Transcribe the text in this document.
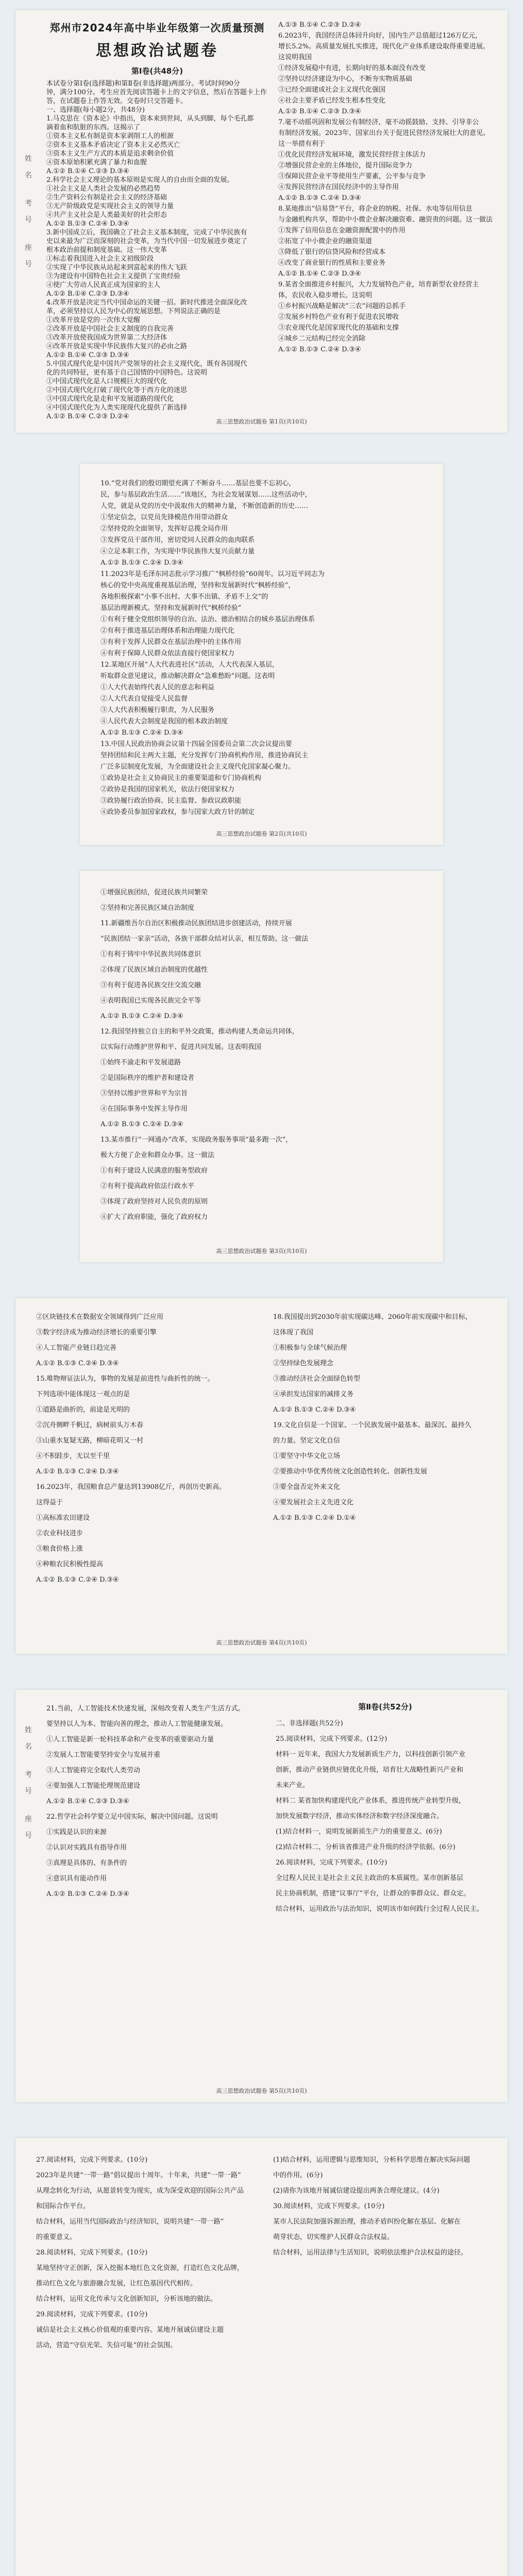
姓名 考号 座号
郑州市2024年高中毕业年级第一次质量预测
思想政治试题卷
第Ⅰ卷(共48分)

本试卷分第Ⅰ卷(选择题)和第Ⅱ卷(非选择题)两部分。考试时间90分

钟，满分100分。考生应首先阅读答题卡上的文字信息，然后在答题卡上作

答，在试题卷上作答无效。交卷时只交答题卡。

一、选择题(每小题2分，共48分)

1.马克思在《资本论》中指出，资本来到世间，从头到脚，每个毛孔都

滴着血和肮脏的东西。这揭示了

①资本主义私有制是资本家剥削工人的根源

②资本主义基本矛盾决定了资本主义必然灭亡

③资本主义生产方式的本质是追求剩余价值

④资本原始积累充满了暴力和血腥

A.①② B.①④ C.②③ D.③④

2.科学社会主义理论的基本原则是实现人的自由而全面的发展。

①社会主义是人类社会发展的必然趋势

②生产资料公有制是社会主义的经济基础

③无产阶级政党是实现社会主义的领导力量

④共产主义社会是人类最美好的社会形态

A.①② B.①③ C.②④ D.③④

3.新中国成立后，我国确立了社会主义基本制度，完成了中华民族有

史以来最为广泛而深刻的社会变革，为当代中国一切发展进步奠定了

根本政治前提和制度基础。这一伟大变革

①标志着我国进入社会主义初级阶段

②实现了中华民族从站起来到富起来的伟大飞跃

③为建设有中国特色社会主义提供了宝贵经验

④使广大劳动人民真正成为国家的主人

A.①② B.①④ C.②③ D.③④

4.改革开放是决定当代中国命运的关键一招。新时代推进全面深化改

革，必须坚持以人民为中心的发展思想。下列说法正确的是

①改革开放是党的一次伟大觉醒

②改革开放是中国社会主义制度的自我完善

③改革开放使我国成为世界第二大经济体

④改革开放是实现中华民族伟大复兴的必由之路

A.①② B.①④ C.②③ D.③④

5.中国式现代化是中国共产党领导的社会主义现代化，既有各国现代

化的共同特征，更有基于自己国情的中国特色。这说明

①中国式现代化是人口规模巨大的现代化

②中国式现代化打破了现代化等于西方化的迷思

③中国式现代化是走和平发展道路的现代化

④中国式现代化为人类实现现代化提供了新选择

A.①② B.①④ C.②③ D.②④

A.①③ B.①④ C.②③ D.②④

6.2023年，我国经济总体回升向好，国内生产总值超过126万亿元，

增长5.2%。高质量发展扎实推进，现代化产业体系建设取得重要进展。

这说明我国

①经济发展稳中有进，长期向好的基本面没有改变

②坚持以经济建设为中心，不断夯实物质基础

③已经全面建成社会主义现代化强国

④社会主要矛盾已经发生根本性变化

A.①② B.①④ C.②③ D.③④

7.毫不动摇巩固和发展公有制经济，毫不动摇鼓励、支持、引导非公

有制经济发展。2023年，国家出台关于促进民营经济发展壮大的意见。

这一举措有利于

①优化民营经济发展环境，激发民营经营主体活力

②增强民营企业的主体地位，提升国际竞争力

③保障民营企业平等使用生产要素，公平参与竞争

④发挥民营经济在国民经济中的主导作用

A.①② B.①③ C.②④ D.③④

8.某地推出“信易贷”平台，将企业的纳税、社保、水电等信用信息

与金融机构共享，帮助中小微企业解决融资难、融资贵的问题。这一做法

①发挥了信用信息在金融资源配置中的作用

②拓宽了中小微企业的融资渠道

③降低了银行的信贷风险和经营成本

④改变了商业银行的性质和主要业务

A.①② B.①④ C.②③ D.③④

9.某省全面推进乡村振兴，大力发展特色产业，培育新型农业经营主

体，农民收入稳步增长。这说明

①乡村振兴战略是解决“三农”问题的总抓手

②发展乡村特色产业有利于促进农民增收

③农业现代化是国家现代化的基础和支撑

④城乡二元结构已经完全消除

A.①② B.①③ C.②④ D.③④

高三思想政治试题卷 第1页(共10页)

10.“党对我们的殷切期望充满了不断奋斗……基层也要不忘初心，

民，参与基层政治生活……”该地区，为社会发展谋划……这些活动中，

人党，就是从党的历史中汲取伟大的精神力量，不断创造新的历史……

①坚定信念，以党员先锋模范作用带动群众

②坚持党的全面领导，发挥好总揽全局作用

③发挥党员干部作用，密切党同人民群众的血肉联系

④立足本职工作，为实现中华民族伟大复兴贡献力量

A.①② B.①③ C.②④ D.③④

11.2023年是毛泽东同志批示学习推广“枫桥经验”60周年。以习近平同志为

核心的党中央高度重视基层治理，坚持和发展新时代“枫桥经验”，

各地积极探索“小事不出村、大事不出镇、矛盾不上交”的

基层治理新模式。坚持和发展新时代“枫桥经验”

①有利于健全党组织领导的自治、法治、德治相结合的城乡基层治理体系

②有利于推进基层治理体系和治理能力现代化

③有利于发挥人民群众在基层治理中的主体作用

④有利于保障人民群众依法直接行使国家权力

12.某地区开展“人大代表进社区”活动，人大代表深入基层，

听取群众意见建议，推动解决群众“急难愁盼”问题。这表明

①人大代表始终代表人民的意志和利益

②人大代表自觉接受人民监督

③人大代表积极履行职责，为人民服务

④人民代表大会制度是我国的根本政治制度

A.①② B.①③ C.②④ D.③④

13.中国人民政治协商会议第十四届全国委员会第二次会议提出要

坚持团结和民主两大主题，充分发挥专门协商机构作用，推进协商民主

广泛多层制度化发展，为全面建设社会主义现代化国家凝心聚力。

①政协是社会主义协商民主的重要渠道和专门协商机构

②政协是我国的国家机关，依法行使国家权力

③政协履行政治协商、民主监督、参政议政职能

④政协委员参加国家政权，参与国家大政方针的制定

高三思想政治试题卷 第2页(共10页)

①增强民族团结，促进民族共同繁荣

②坚持和完善民族区域自治制度

11.新疆维吾尔自治区积极推动民族团结进步创建活动，持续开展

“民族团结一家亲”活动，各族干部群众结对认亲，相互帮助。这一做法

①有利于铸牢中华民族共同体意识

②体现了民族区域自治制度的优越性

③有利于促进各民族交往交流交融

④表明我国已实现各民族完全平等

A.①② B.①③ C.②④ D.③④

12.我国坚持独立自主的和平外交政策，推动构建人类命运共同体，

以实际行动维护世界和平、促进共同发展。这表明我国

①始终不渝走和平发展道路

②是国际秩序的维护者和建设者

③坚持以维护世界和平为宗旨

④在国际事务中发挥主导作用

A.①② B.①③ C.②④ D.③④

13.某市推行“一网通办”改革，实现政务服务事项“最多跑一次”，

极大方便了企业和群众办事。这一做法

①有利于建设人民满意的服务型政府

②有利于提高政府依法行政水平

③体现了政府坚持对人民负责的原则

④扩大了政府职能，强化了政府权力

高三思想政治试题卷 第3页(共10页)

②区块链技术在数据安全领域得到广泛应用

③数字经济成为推动经济增长的重要引擎

④人工智能产业链日趋完善

A.①② B.①③ C.②④ D.③④

15.唯物辩证法认为，事物的发展是前进性与曲折性的统一。

下列选项中能体现这一观点的是

①道路是曲折的，前途是光明的

②沉舟侧畔千帆过，病树前头万木春

③山重水复疑无路，柳暗花明又一村

④不积跬步，无以至千里

A.①② B.①③ C.②④ D.③④

16.2023年，我国粮食总产量达到13908亿斤，再创历史新高。

这得益于

①高标准农田建设

②农业科技进步

③粮食价格上涨

④种粮农民积极性提高

A.①② B.①③ C.②④ D.③④

18.我国提出到2030年前实现碳达峰、2060年前实现碳中和目标，

这体现了我国

①积极参与全球气候治理

②坚持绿色发展理念

③推动经济社会全面绿色转型

④承担发达国家的减排义务

A.①② B.①③ C.②④ D.③④

19.文化自信是一个国家、一个民族发展中最基本、最深沉、最持久

的力量。坚定文化自信

①要坚守中华文化立场

②要推动中华优秀传统文化创造性转化、创新性发展

③要全盘否定外来文化

④要发展社会主义先进文化

A.①② B.①③ C.②④ D.①④

高三思想政治试题卷 第4页(共10页)
姓名 考号 座号

21.当前，人工智能技术快速发展，深刻改变着人类生产生活方式。

要坚持以人为本、智能向善的理念，推动人工智能健康发展。

①人工智能是新一轮科技革命和产业变革的重要驱动力量

②发展人工智能要坚持安全与发展并重

③人工智能将完全取代人类劳动

④要加强人工智能伦理规范建设

A.①② B.①④ C.②③ D.③④

22.哲学社会科学要立足中国实际，解决中国问题。这说明

①实践是认识的来源

②认识对实践具有指导作用

③真理是具体的、有条件的

④意识具有能动作用

A.①② B.①③ C.②④ D.③④

第Ⅱ卷(共52分)

二、非选择题(共52分)

25.阅读材料，完成下列要求。(12分)

材料一 近年来，我国大力发展新质生产力，以科技创新引领产业

创新，推动产业链供应链优化升级，培育壮大战略性新兴产业和

未来产业。

材料二 某省加快构建现代化产业体系，推进传统产业转型升级，

加快发展数字经济，推动实体经济和数字经济深度融合。

(1)结合材料一，说明发展新质生产力的重要意义。(6分)

(2)结合材料二，分析该省推进产业升级的经济学依据。(6分)

26.阅读材料，完成下列要求。(10分)

全过程人民民主是社会主义民主政治的本质属性。某市创新基层

民主协商机制，搭建“议事厅”平台，让群众的事群众议、群众定。

结合材料，运用政治与法治知识，说明该市如何践行全过程人民民主。

高三思想政治试题卷 第5页(共10页)

27.阅读材料，完成下列要求。(10分)

2023年是共建“一带一路”倡议提出十周年。十年来，共建“一带一路”

从理念转化为行动，从愿景转变为现实，成为深受欢迎的国际公共产品

和国际合作平台。

结合材料，运用当代国际政治与经济知识，说明共建“一带一路”

的重要意义。

28.阅读材料，完成下列要求。(10分)

某地坚持守正创新，深入挖掘本地红色文化资源，打造红色文化品牌，

推动红色文化与旅游融合发展，让红色基因代代相传。

结合材料，运用文化传承与文化创新知识，分析该地的做法。

29.阅读材料，完成下列要求。(10分)

诚信是社会主义核心价值观的重要内容。某地开展诚信建设主题

活动，营造“守信光荣、失信可耻”的社会氛围。

(1)结合材料，运用逻辑与思维知识，分析科学思维在解决实际问题

中的作用。(6分)

(2)请你为该地开展诚信建设提出两条合理化建议。(4分)

30.阅读材料，完成下列要求。(10分)

某市人民法院加强诉源治理，推动矛盾纠纷化解在基层、化解在

萌芽状态，切实维护人民群众合法权益。

结合材料，运用法律与生活知识，说明依法维护合法权益的途径。
